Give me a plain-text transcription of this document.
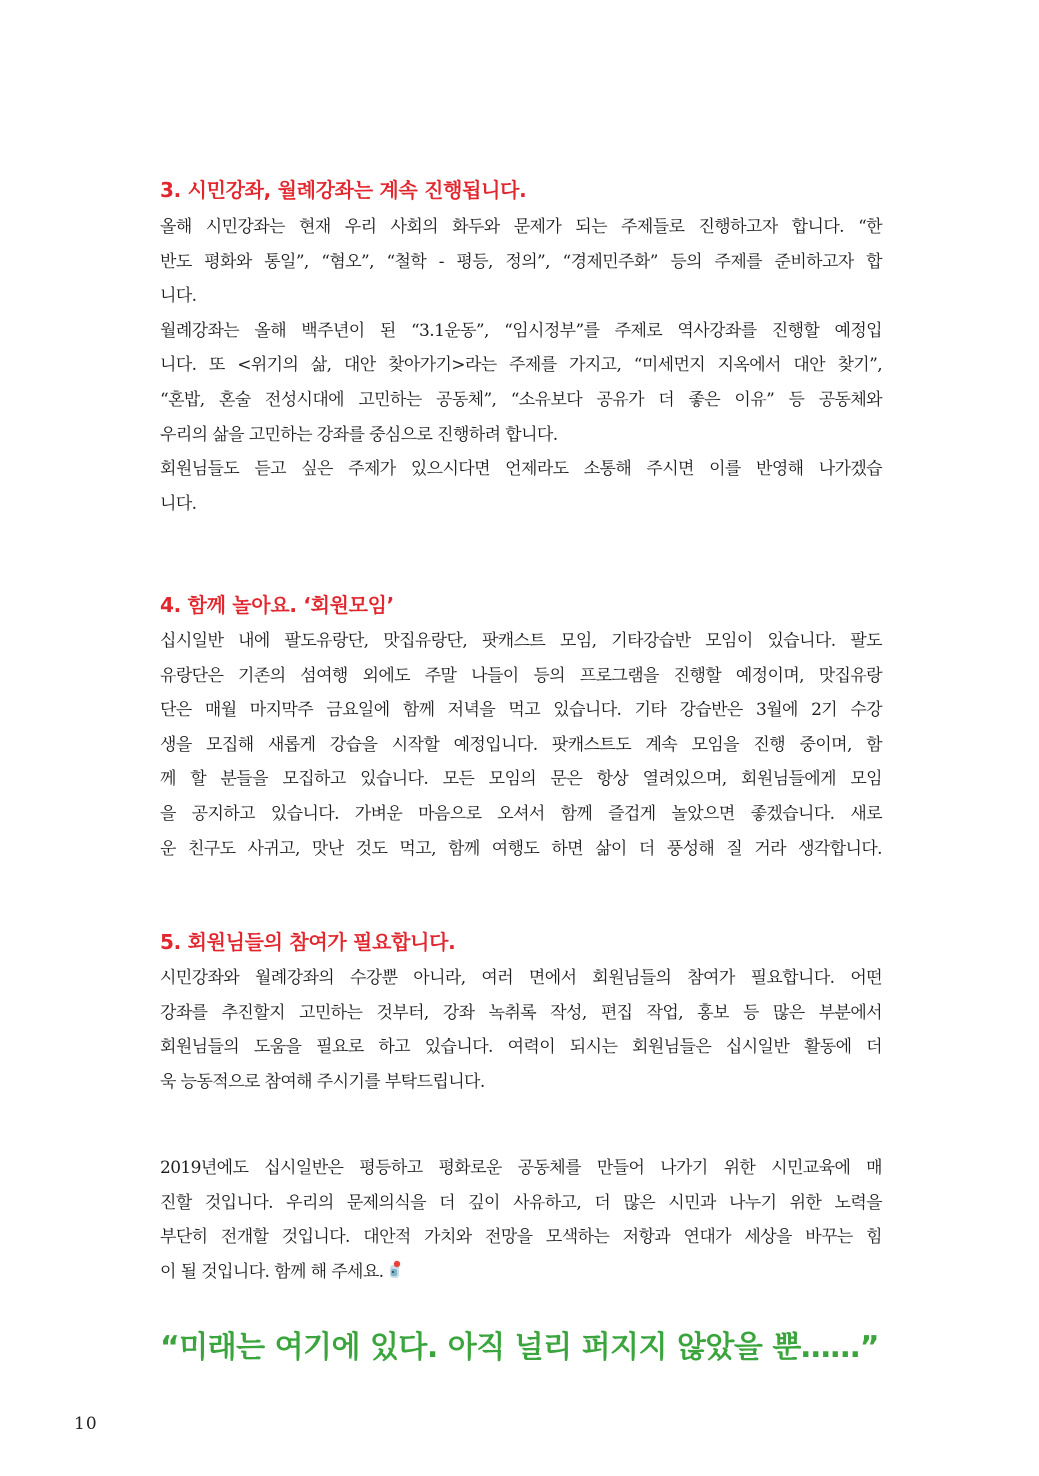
3. 시민강좌, 월례강좌는 계속 진행됩니다.
올해 시민강좌는 현재 우리 사회의 화두와 문제가 되는 주제들로 진행하고자 합니다. “한
반도 평화와 통일”, “혐오”, “철학 - 평등, 정의”, “경제민주화” 등의 주제를 준비하고자 합
니다.
월례강좌는 올해 백주년이 된 “3.1운동”, “임시정부”를 주제로 역사강좌를 진행할 예정입
니다. 또 <위기의 삶, 대안 찾아가기>라는 주제를 가지고, “미세먼지 지옥에서 대안 찾기”,
“혼밥, 혼술 전성시대에 고민하는 공동체”, “소유보다 공유가 더 좋은 이유” 등 공동체와
우리의 삶을 고민하는 강좌를 중심으로 진행하려 합니다.
회원님들도 듣고 싶은 주제가 있으시다면 언제라도 소통해 주시면 이를 반영해 나가겠습
니다.
4. 함께 놀아요. ‘회원모임’
십시일반 내에 팔도유랑단, 맛집유랑단, 팟캐스트 모임, 기타강습반 모임이 있습니다. 팔도
유랑단은 기존의 섬여행 외에도 주말 나들이 등의 프로그램을 진행할 예정이며, 맛집유랑
단은 매월 마지막주 금요일에 함께 저녁을 먹고 있습니다. 기타 강습반은 3월에 2기 수강
생을 모집해 새롭게 강습을 시작할 예정입니다. 팟캐스트도 계속 모임을 진행 중이며, 함
께 할 분들을 모집하고 있습니다. 모든 모임의 문은 항상 열려있으며, 회원님들에게 모임
을 공지하고 있습니다. 가벼운 마음으로 오셔서 함께 즐겁게 놀았으면 좋겠습니다. 새로
운 친구도 사귀고, 맛난 것도 먹고, 함께 여행도 하면 삶이 더 풍성해 질 거라 생각합니다.
5. 회원님들의 참여가 필요합니다.
시민강좌와 월례강좌의 수강뿐 아니라, 여러 면에서 회원님들의 참여가 필요합니다. 어떤
강좌를 추진할지 고민하는 것부터, 강좌 녹취록 작성, 편집 작업, 홍보 등 많은 부분에서
회원님들의 도움을 필요로 하고 있습니다. 여력이 되시는 회원님들은 십시일반 활동에 더
욱 능동적으로 참여해 주시기를 부탁드립니다.
2019년에도 십시일반은 평등하고 평화로운 공동체를 만들어 나가기 위한 시민교육에 매
진할 것입니다. 우리의 문제의식을 더 깊이 사유하고, 더 많은 시민과 나누기 위한 노력을
부단히 전개할 것입니다. 대안적 가치와 전망을 모색하는 저항과 연대가 세상을 바꾸는 힘
이 될 것입니다. 함께 해 주세요.
“미래는 여기에 있다. 아직 널리 퍼지지 않았을 뿐……”
10
